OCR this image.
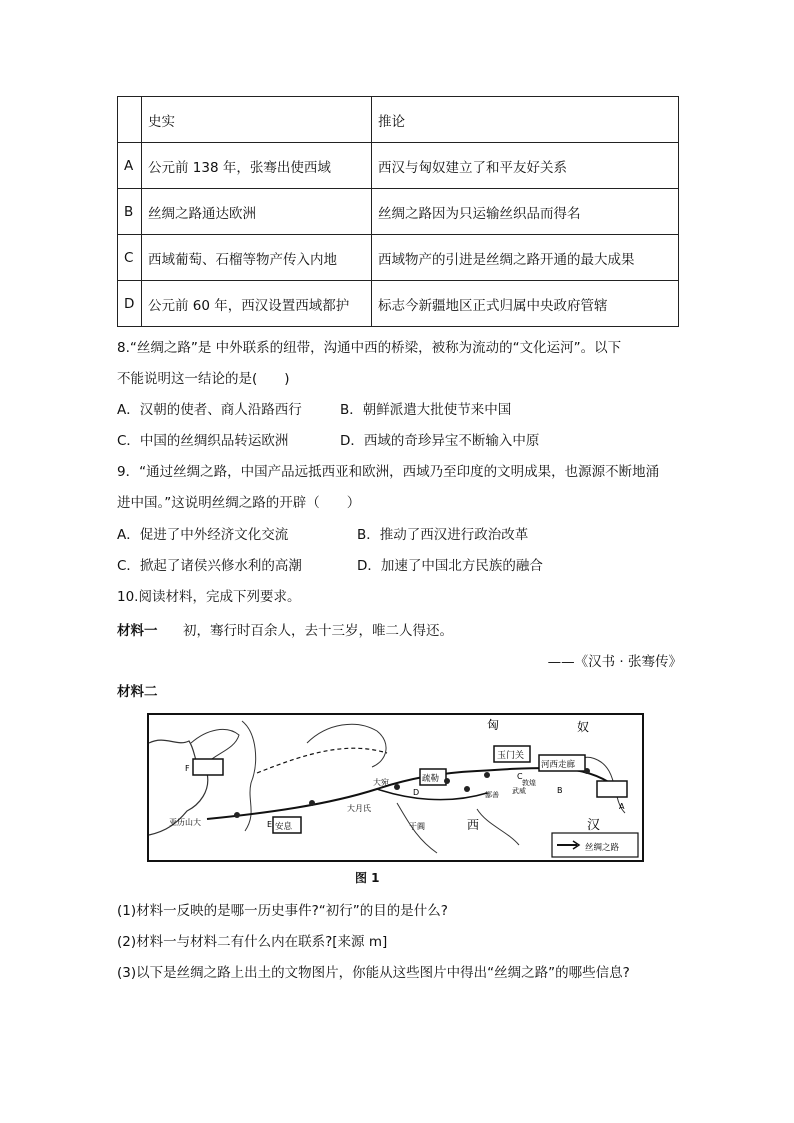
	史实	推论
A	公元前 138 年，张骞出使西域	西汉与匈奴建立了和平友好关系
B	丝绸之路通达欧洲	丝绸之路因为只运输丝织品而得名
C	西域葡萄、石榴等物产传入内地	西域物产的引进是丝绸之路开通的最大成果
D	公元前 60 年，西汉设置西域都护	标志今新疆地区正式归属中央政府管辖
8.“丝绸之路”是 中外联系的纽带，沟通中西的桥梁，被称为流动的“文化运河”。以下
不能说明这一结论的是(　　)
A．汉朝的使者、商人沿路西行	B．朝鲜派遣大批使节来中国
C．中国的丝绸织品转运欧洲	D．西域的奇珍异宝不断输入中原
9．“通过丝绸之路，中国产品远抵西亚和欧洲，西域乃至印度的文明成果，也源源不断地涌
进中国。”这说明丝绸之路的开辟（　　）
A．促进了中外经济文化交流	B．推动了西汉进行政治改革
C．掀起了诸侯兴修水利的高潮	D．加速了中国北方民族的融合
10.阅读材料，完成下列要求。
材料一 初，骞行时百余人，去十三岁，唯二人得还。
——《汉书 · 张骞传》
材料二
匈	奴
玉门关
河西走廊
疏勒
安息
大宛
大月氏
于阗	西	汉
亚历山大
鄯善
敦煌
武威
丝绸之路
A
B
C
D
E
F
图 1
(1)材料一反映的是哪一历史事件?“初行”的目的是什么?
(2)材料一与材料二有什么内在联系?[来源 m]
(3)以下是丝绸之路上出土的文物图片，你能从这些图片中得出“丝绸之路”的哪些信息?
